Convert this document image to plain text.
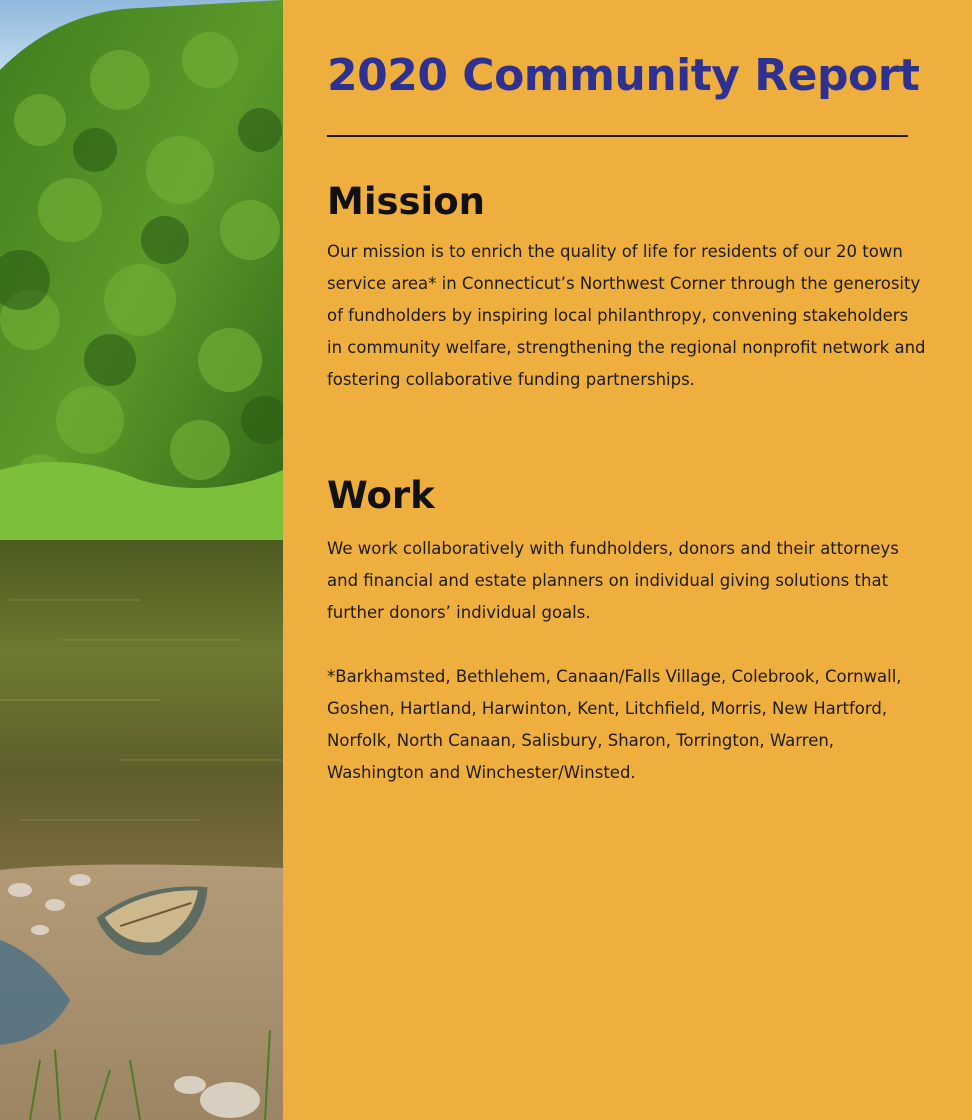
2020 Community Report
Mission

Our mission is to enrich the quality of life for residents of our 20 town service area* in Connecticut’s Northwest Corner through the generosity of fundholders by inspiring local philanthropy, convening stakeholders in community welfare, strengthening the regional nonprofit network and fostering collaborative funding partnerships.

Work

We work collaboratively with fundholders, donors and their attorneys and financial and estate planners on individual giving solutions that further donors’ individual goals.

*Barkhamsted, Bethlehem, Canaan/Falls Village, Colebrook, Cornwall, Goshen, Hartland, Harwinton, Kent, Litchfield, Morris, New Hartford, Norfolk, North Canaan, Salisbury, Sharon, Torrington, Warren, Washington and Winchester/Winsted.
